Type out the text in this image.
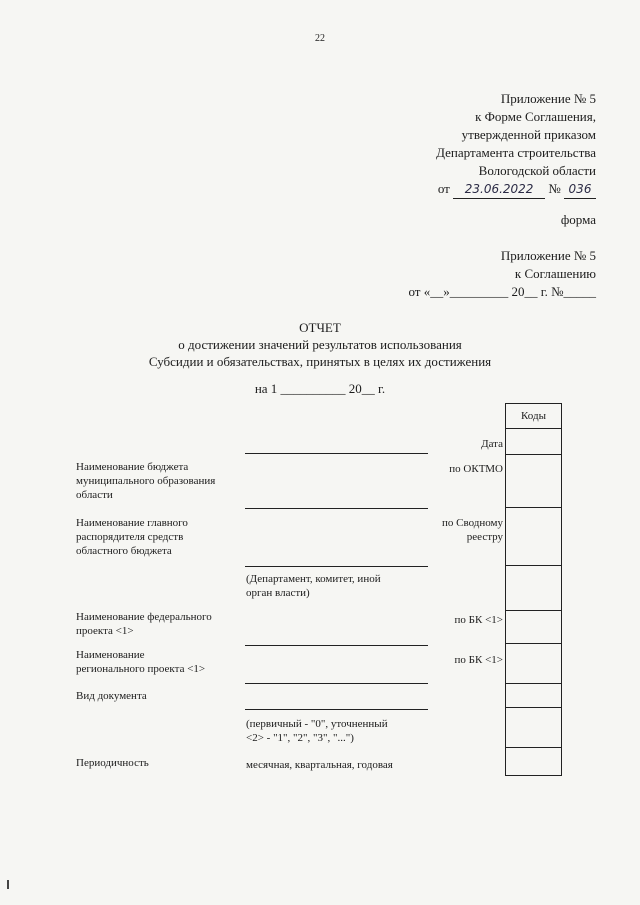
22
Приложение № 5
к Форме Соглашения,
утвержденной приказом
Департамента строительства
Вологодской области
от 23.06.2022 № 036
форма
Приложение № 5
к Соглашению
от «__»_________ 20__ г. №_____
ОТЧЕТ
о достижении значений результатов использования
Субсидии и обязательствах, принятых в целях их достижения
на 1 __________ 20__ г.
Коды
Дата
по ОКТМО
по Сводному
реестру
по БК <1>
по БК <1>
Наименование бюджета
муниципального образования
области
Наименование главного
распорядителя средств
областного бюджета
Наименование федерального
проекта <1>
Наименование
регионального проекта <1>
Вид документа
Периодичность
(Департамент, комитет, иной
орган власти)
(первичный - "0", уточненный
<2> - "1", "2", "3", "...")
месячная, квартальная, годовая
